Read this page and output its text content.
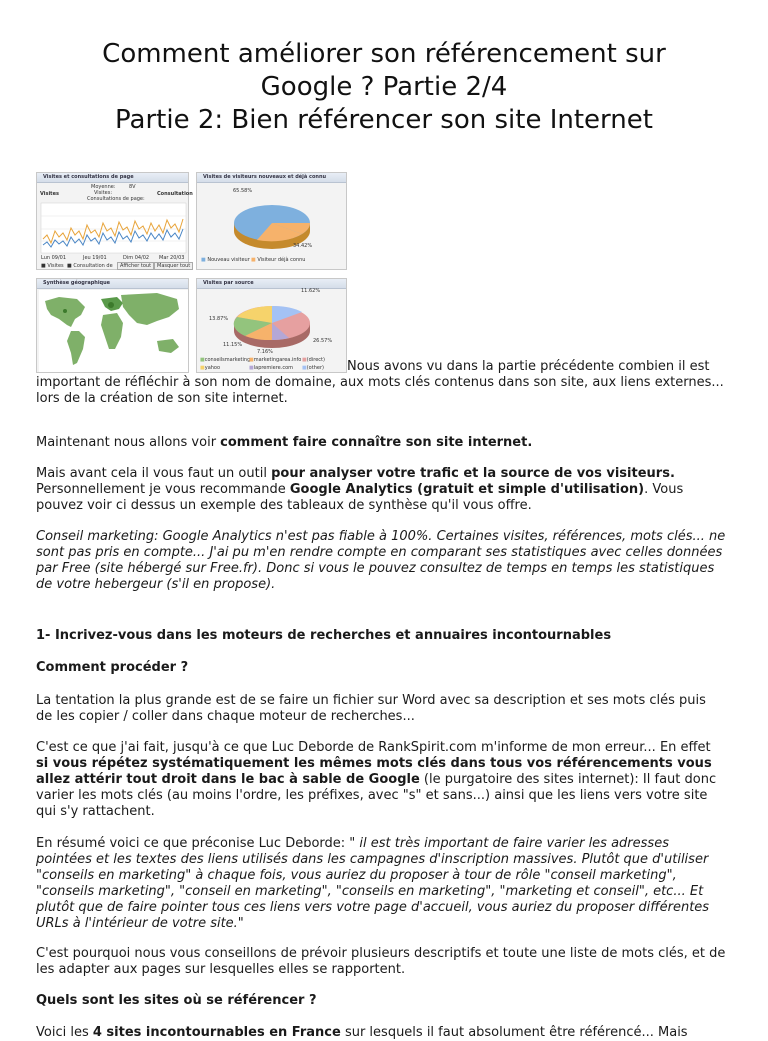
Comment améliorer son référencement sur
Google ? Partie 2/4
Partie 2: Bien référencer son site Internet
Visites et consultations de page
Moyenne:	8V
Visites:
Consultations de page:
Visites	Consultation
Lun 09/01	Jeu 19/01	Dim 04/02 Mar 20/03
■ Visites ■ Consultation de	Afficher tout	Masquer tout
Visites de visiteurs nouveaux et déjà connu
65.58%
34.42%
■ Nouveau visiteur ■ Visiteur déjà connu
Synthèse géographique	Visites par source
11.62%
13.87%
26.57%
7.16%
11.15%
■conseilsmarketing
■marketingarea.info ■(direct)
■yahoo	■lapremiere.com ■(other)	Nous avons vu dans la partie précédente combien il est
important de réfléchir à son nom de domaine, aux mots clés contenus dans son site, aux liens externes...
lors de la création de son site internet.

Maintenant nous allons voir comment faire connaître son site internet.

Mais avant cela il vous faut un outil pour analyser votre trafic et la source de vos visiteurs.
Personnellement je vous recommande Google Analytics (gratuit et simple d'utilisation). Vous pouvez voir ci dessus un exemple des tableaux de synthèse qu'il vous offre.

Conseil marketing: Google Analytics n'est pas fiable à 100%. Certaines visites, références, mots clés... ne sont pas pris en compte... J'ai pu m'en rendre compte en comparant ses statistiques avec celles données par Free (site hébergé sur Free.fr). Donc si vous le pouvez consultez de temps en temps les statistiques de votre hebergeur (s'il en propose).

1- Incrivez-vous dans les moteurs de recherches et annuaires incontournables

Comment procéder ?

La tentation la plus grande est de se faire un fichier sur Word avec sa description et ses mots clés puis de les copier / coller dans chaque moteur de recherches...

C'est ce que j'ai fait, jusqu'à ce que Luc Deborde de RankSpirit.com m'informe de mon erreur... En effet si vous répétez systématiquement les mêmes mots clés dans tous vos référencements vous allez attérir tout droit dans le bac à sable de Google (le purgatoire des sites internet): Il faut donc varier les mots clés (au moins l'ordre, les préfixes, avec "s" et sans...) ainsi que les liens vers votre site qui s'y rattachent.

En résumé voici ce que préconise Luc Deborde: " il est très important de faire varier les adresses pointées et les textes des liens utilisés dans les campagnes d'inscription massives. Plutôt que d'utiliser "conseils en marketing" à chaque fois, vous auriez du proposer à tour de rôle "conseil marketing", "conseils marketing", "conseil en marketing", "conseils en marketing", "marketing et conseil", etc... Et plutôt que de faire pointer tous ces liens vers votre page d'accueil, vous auriez du proposer différentes URLs à l'intérieur de votre site."

C'est pourquoi nous vous conseillons de prévoir plusieurs descriptifs et toute une liste de mots clés, et de les adapter aux pages sur lesquelles elles se rapportent.

Quels sont les sites où se référencer ?

Voici les 4 sites incontournables en France sur lesquels il faut absolument être référencé... Mais
